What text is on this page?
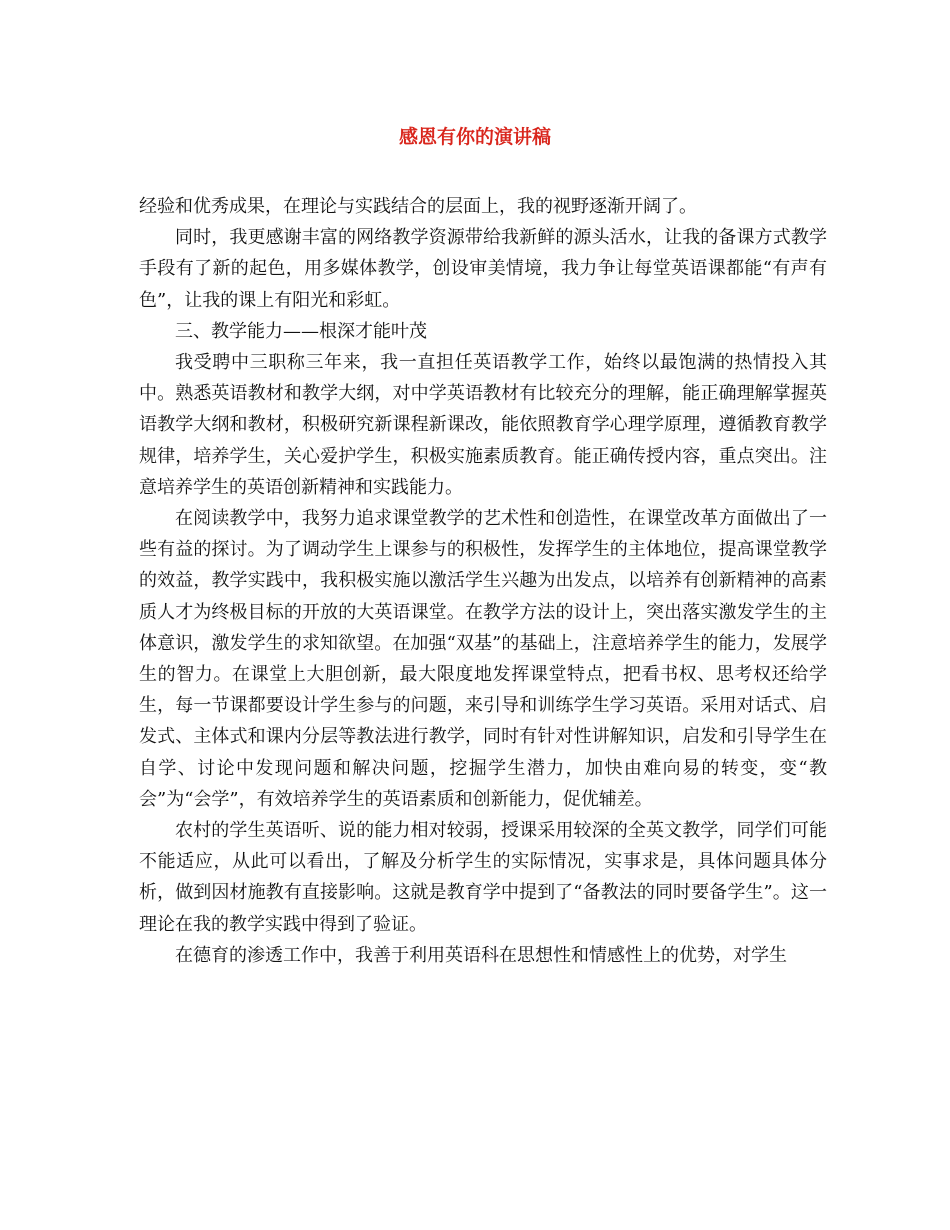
感恩有你的演讲稿

经验和优秀成果，在理论与实践结合的层面上，我的视野逐渐开阔了。

同时，我更感谢丰富的网络教学资源带给我新鲜的源头活水，让我的备课方式教学手段有了新的起色，用多媒体教学，创设审美情境，我力争让每堂英语课都能“有声有色”，让我的课上有阳光和彩虹。

三、教学能力——根深才能叶茂

我受聘中三职称三年来，我一直担任英语教学工作，始终以最饱满的热情投入其中。熟悉英语教材和教学大纲，对中学英语教材有比较充分的理解，能正确理解掌握英语教学大纲和教材，积极研究新课程新课改，能依照教育学心理学原理，遵循教育教学规律，培养学生，关心爱护学生，积极实施素质教育。能正确传授内容，重点突出。注意培养学生的英语创新精神和实践能力。

在阅读教学中，我努力追求课堂教学的艺术性和创造性，在课堂改革方面做出了一些有益的探讨。为了调动学生上课参与的积极性，发挥学生的主体地位，提高课堂教学的效益，教学实践中，我积极实施以激活学生兴趣为出发点，以培养有创新精神的高素质人才为终极目标的开放的大英语课堂。在教学方法的设计上，突出落实激发学生的主体意识，激发学生的求知欲望。在加强“双基”的基础上，注意培养学生的能力，发展学生的智力。在课堂上大胆创新，最大限度地发挥课堂特点，把看书权、思考权还给学生，每一节课都要设计学生参与的问题，来引导和训练学生学习英语。采用对话式、启发式、主体式和课内分层等教法进行教学，同时有针对性讲解知识，启发和引导学生在自学、讨论中发现问题和解决问题，挖掘学生潜力，加快由难向易的转变，变“教会”为“会学”，有效培养学生的英语素质和创新能力，促优辅差。

农村的学生英语听、说的能力相对较弱，授课采用较深的全英文教学，同学们可能不能适应，从此可以看出，了解及分析学生的实际情况，实事求是，具体问题具体分析，做到因材施教有直接影响。这就是教育学中提到了“备教法的同时要备学生”。这一理论在我的教学实践中得到了验证。

在德育的渗透工作中，我善于利用英语科在思想性和情感性上的优势，对学生
